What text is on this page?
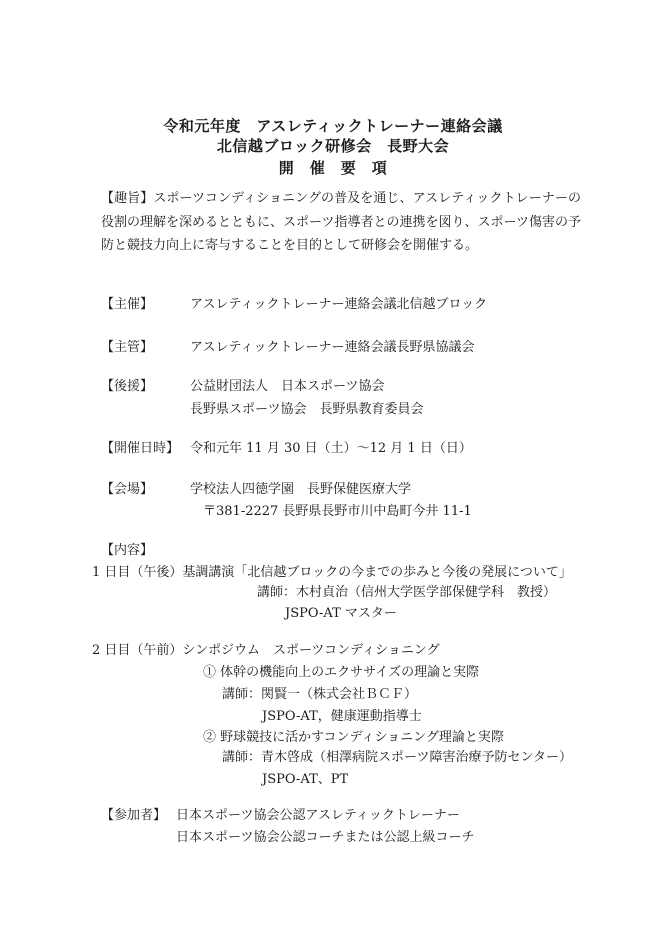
令和元年度　アスレティックトレーナー連絡会議
北信越ブロック研修会　長野大会
開　催　要　項
【趣旨】スポーツコンディショニングの普及を通じ、アスレティックトレーナーの役割の理解を深めるとともに、スポーツ指導者との連携を図り、スポーツ傷害の予防と競技力向上に寄与することを目的として研修会を開催する。
【主催】	アスレティックトレーナー連絡会議北信越ブロック
【主管】	アスレティックトレーナー連絡会議長野県協議会
【後援】	公益財団法人　日本スポーツ協会
長野県スポーツ協会　長野県教育委員会
【開催日時】 令和元年 11 月 30 日（土）～12 月 1 日（日）
【会場】	学校法人四徳学園　長野保健医療大学
〒381-2227 長野県長野市川中島町今井 11-1
【内容】
1 日目（午後）基調講演「北信越ブロックの今までの歩みと今後の発展について」
講師：木村貞治（信州大学医学部保健学科　教授）
JSPO-AT マスター
2 日目（午前）シンポジウム　スポーツコンディショニング
① 体幹の機能向上のエクササイズの理論と実際
講師：関賢一（株式会社ＢＣＦ）
JSPO-AT，健康運動指導士
② 野球競技に活かすコンディショニング理論と実際
講師：青木啓成（相澤病院スポーツ障害治療予防センター）
JSPO-AT、PT
【参加者】 日本スポーツ協会公認アスレティックトレーナー
日本スポーツ協会公認コーチまたは公認上級コーチ
